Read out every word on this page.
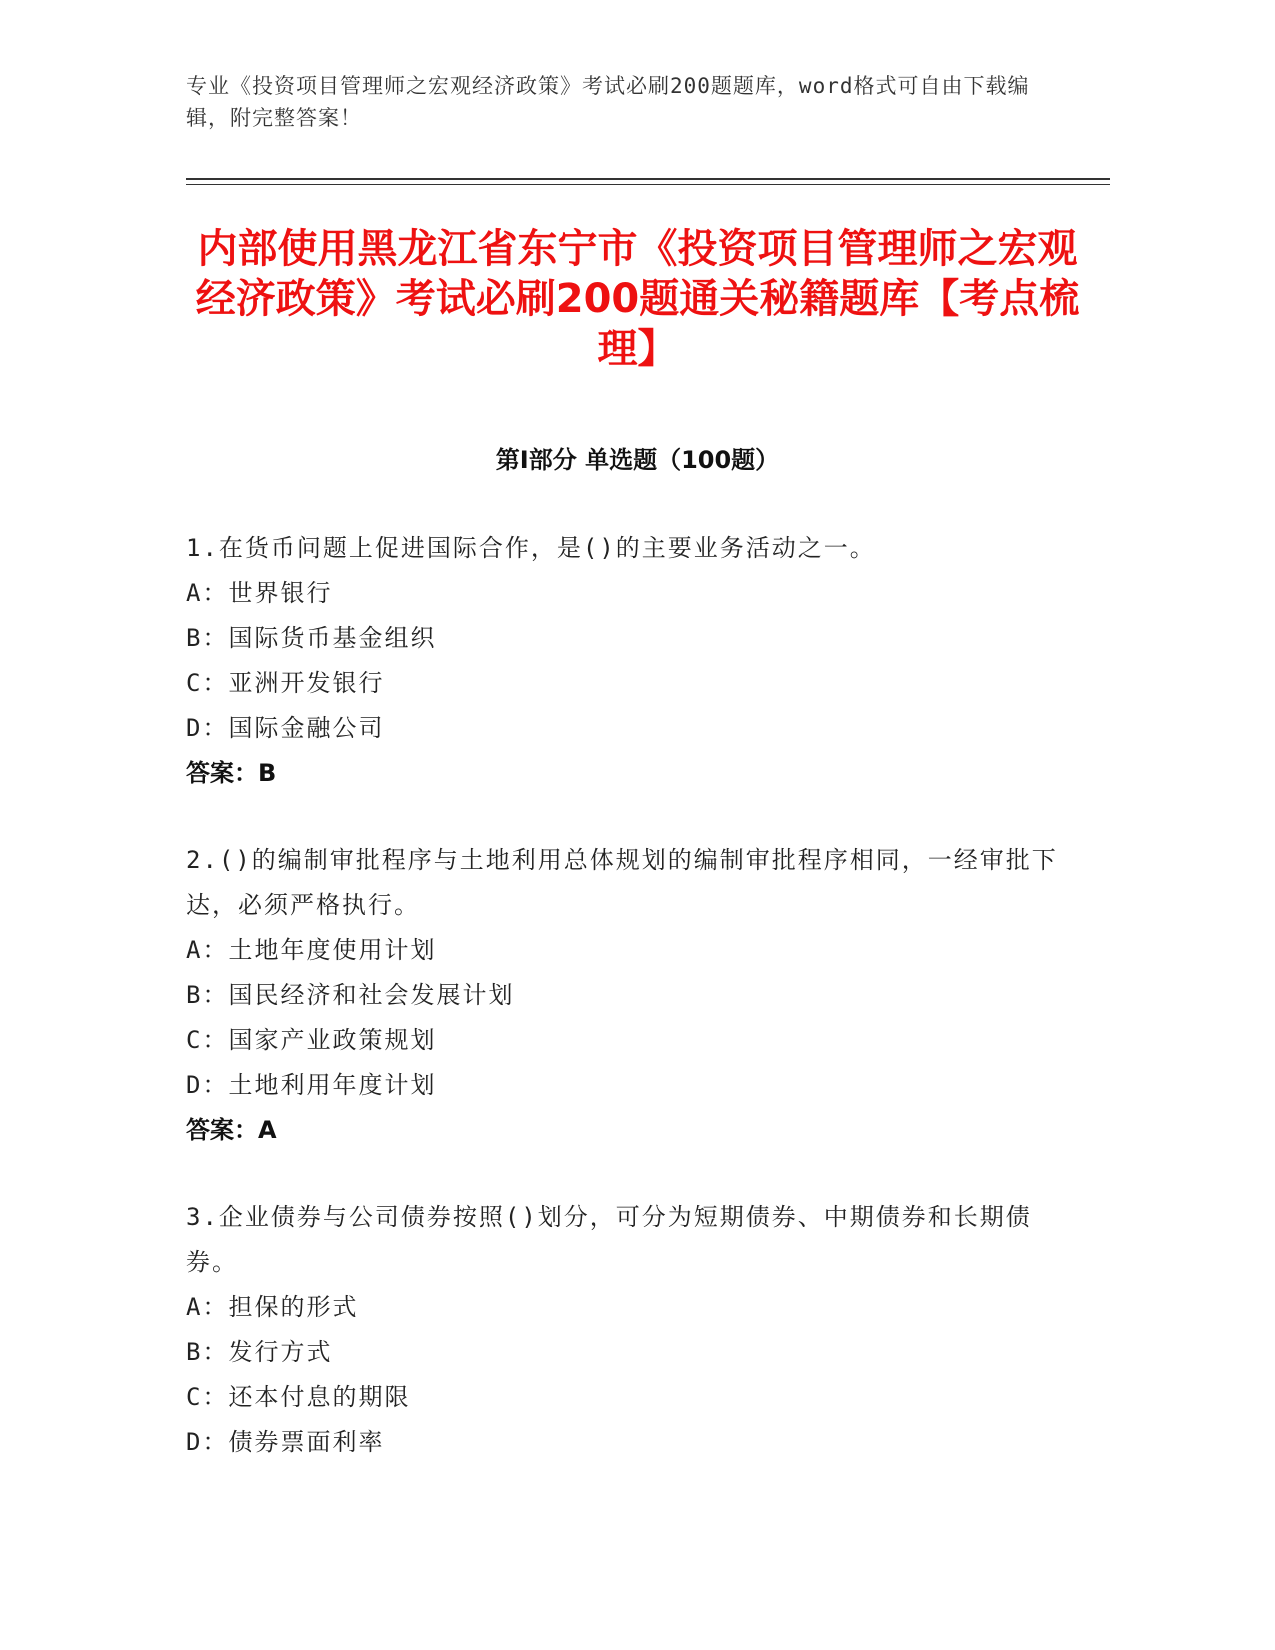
专业《投资项目管理师之宏观经济政策》考试必刷200题题库，word格式可自由下载编辑，附完整答案！
内部使用黑龙江省东宁市《投资项目管理师之宏观经济政策》考试必刷200题通关秘籍题库【考点梳理】
第Ⅰ部分 单选题（100题）
1.在货币问题上促进国际合作，是()的主要业务活动之一。
A：世界银行
B：国际货币基金组织
C：亚洲开发银行
D：国际金融公司
答案：B
2.()的编制审批程序与土地利用总体规划的编制审批程序相同，一经审批下达，必须严格执行。
A：土地年度使用计划
B：国民经济和社会发展计划
C：国家产业政策规划
D：土地利用年度计划
答案：A
3.企业债券与公司债券按照()划分，可分为短期债券、中期债券和长期债券。
A：担保的形式
B：发行方式
C：还本付息的期限
D：债券票面利率
